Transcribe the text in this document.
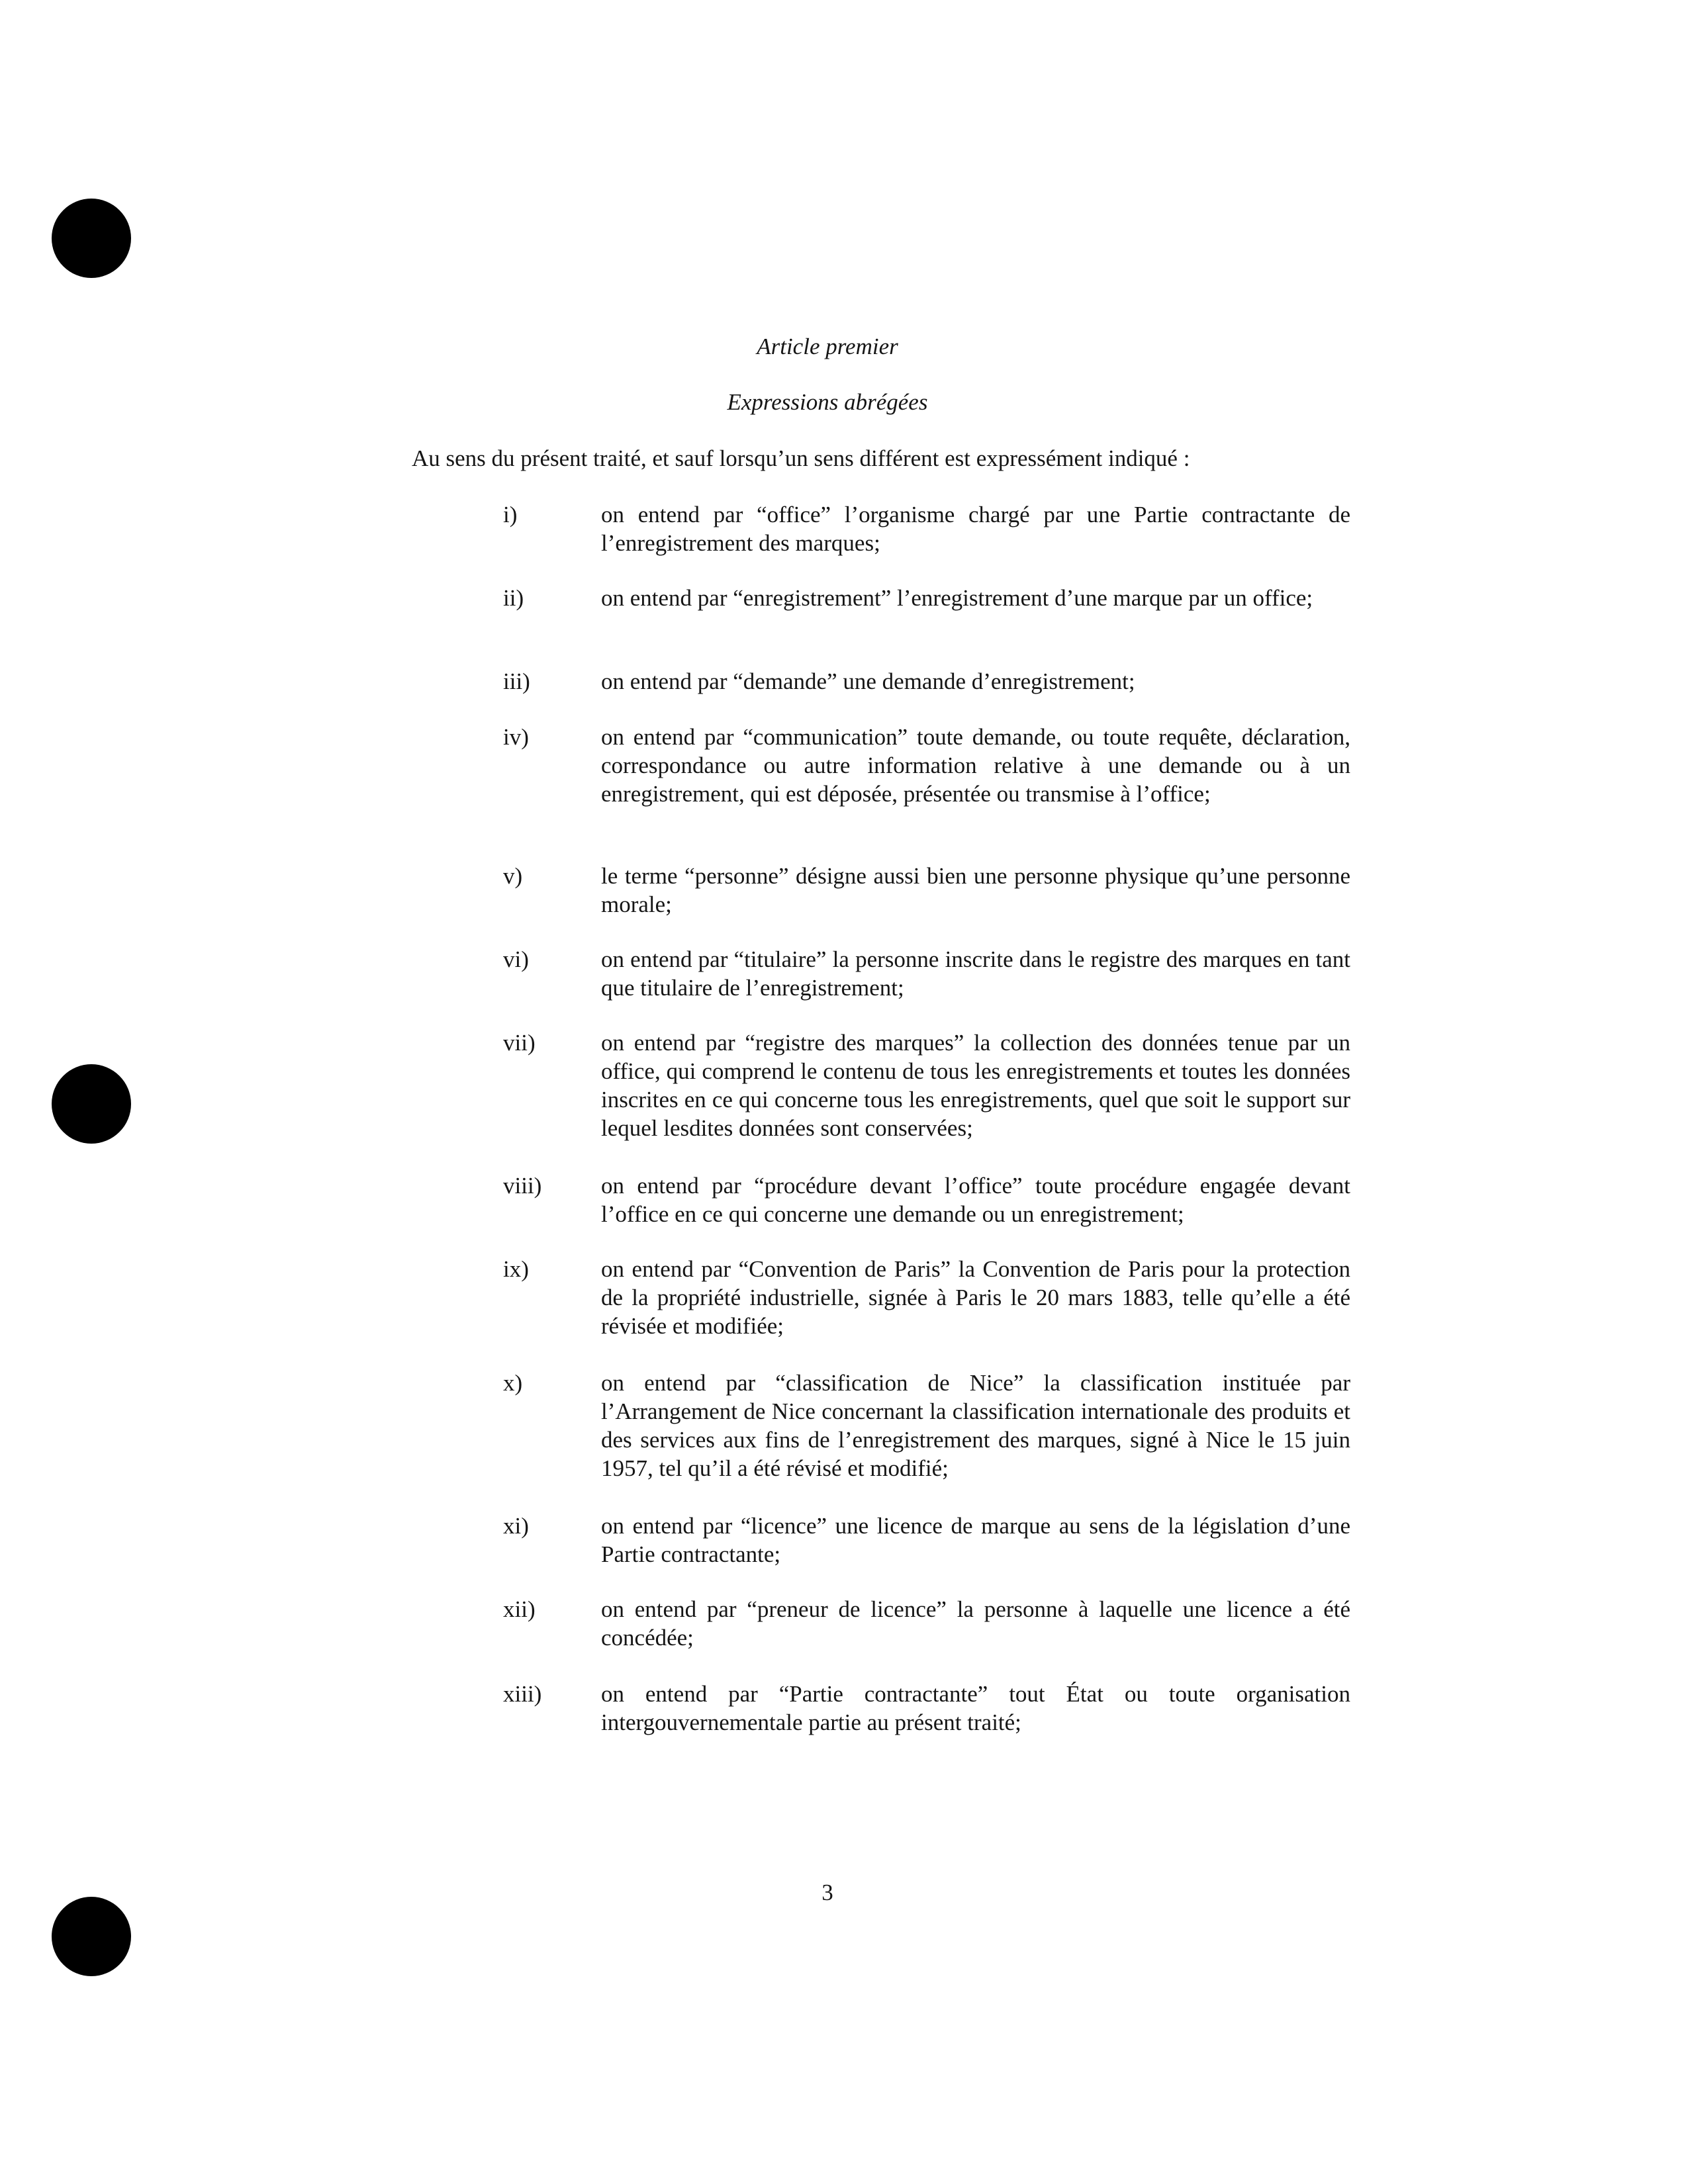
Article premier
Expressions abrégées
Au sens du présent traité, et sauf lorsqu’un sens différent est expressément indiqué :
i)	on entend par “office” l’organisme chargé par une Partie contractante de l’enregistrement des marques;
ii)	on entend par “enregistrement” l’enregistrement d’une marque par un office;
iii)	on entend par “demande” une demande d’enregistrement;
iv)	on entend par “communication” toute demande, ou toute requête, déclaration, correspondance ou autre information relative à une demande ou à un enregistrement, qui est déposée, présentée ou transmise à l’office;
v)	le terme “personne” désigne aussi bien une personne physique qu’une personne morale;
vi)	on entend par “titulaire” la personne inscrite dans le registre des marques en tant que titulaire de l’enregistrement;
vii)	on entend par “registre des marques” la collection des données tenue par un office, qui comprend le contenu de tous les enregistrements et toutes les données inscrites en ce qui concerne tous les enregistrements, quel que soit le support sur lequel lesdites données sont conservées;
viii)	on entend par “procédure devant l’office” toute procédure engagée devant l’office en ce qui concerne une demande ou un enregistrement;
ix)	on entend par “Convention de Paris” la Convention de Paris pour la protection de la propriété industrielle, signée à Paris le 20 mars 1883, telle qu’elle a été révisée et modifiée;
x)	on entend par “classification de Nice” la classification instituée par l’Arrangement de Nice concernant la classification internationale des produits et des services aux fins de l’enregistrement des marques, signé à Nice le 15 juin 1957, tel qu’il a été révisé et modifié;
xi)	on entend par “licence” une licence de marque au sens de la législation d’une Partie contractante;
xii)	on entend par “preneur de licence” la personne à laquelle une licence a été concédée;
xiii)	on entend par “Partie contractante” tout État ou toute organisation intergouvernementale partie au présent traité;
3
